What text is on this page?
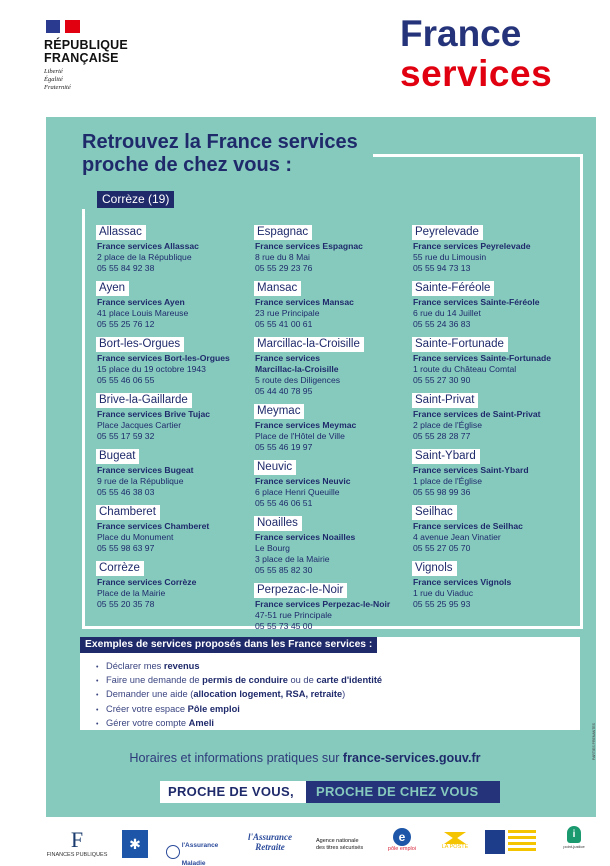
RÉPUBLIQUE
FRANÇAISE
Liberté
Égalité
Fraternité
France
services
Retrouvez la France services
proche de chez vous :
Corrèze (19)
Allassac
France services Allassac
2 place de la République
05 55 84 92 38
Ayen
France services Ayen
41 place Louis Mareuse
05 55 25 76 12
Bort-les-Orgues
France services Bort-les-Orgues
15 place du 19 octobre 1943
05 55 46 06 55
Brive-la-Gaillarde
France services Brive Tujac
Place Jacques Cartier
05 55 17 59 32
Bugeat
France services Bugeat
9 rue de la République
05 55 46 38 03
Chamberet
France services Chamberet
Place du Monument
05 55 98 63 97
Corrèze
France services Corrèze
Place de la Mairie
05 55 20 35 78
Espagnac
France services Espagnac
8 rue du 8 Mai
05 55 29 23 76
Mansac
France services Mansac
23 rue Principale
05 55 41 00 61
Marcillac-la-Croisille
France services
Marcillac-la-Croisille
5 route des Diligences
05 44 40 78 95
Meymac
France services Meymac
Place de l'Hôtel de Ville
05 55 46 19 97
Neuvic
France services Neuvic
6 place Henri Queuille
05 55 46 06 51
Noailles
France services Noailles
Le Bourg
3 place de la Mairie
05 55 85 82 30
Perpezac-le-Noir
France services Perpezac-le-Noir
47-51 rue Principale
05 55 73 45 00
Peyrelevade
France services Peyrelevade
55 rue du Limousin
05 55 94 73 13
Sainte-Féréole
France services Sainte-Féréole
6 rue du 14 Juillet
05 55 24 36 83
Sainte-Fortunade
France services Sainte-Fortunade
1 route du Château Comtal
05 55 27 30 90
Saint-Privat
France services de Saint-Privat
2 place de l'Église
05 55 28 28 77
Saint-Ybard
France services Saint-Ybard
1 place de l'Église
05 55 98 99 36
Seilhac
France services de Seilhac
4 avenue Jean Vinatier
05 55 27 05 70
Vignols
France services Vignols
1 rue du Viaduc
05 55 25 95 93
Exemples de services proposés dans les France services :
• Déclarer mes revenus
• Faire une demande de permis de conduire ou de carte d'identité
• Demander une aide (allocation logement, RSA, retraite)
• Créer votre espace Pôle emploi
• Gérer votre compte Ameli
Horaires et informations pratiques sur france-services.gouv.fr
PROCHE DE VOUS,	PROCHE DE CHEZ VOUS
PARTIES PRENANTES
F
FINANCES PUBLIQUES
✱	l'Assurance
Maladie
l'Assurance
Retraite
Agence nationale
des titres sécurisés
e
pôle emploi	LA POSTE
i
point-justice
